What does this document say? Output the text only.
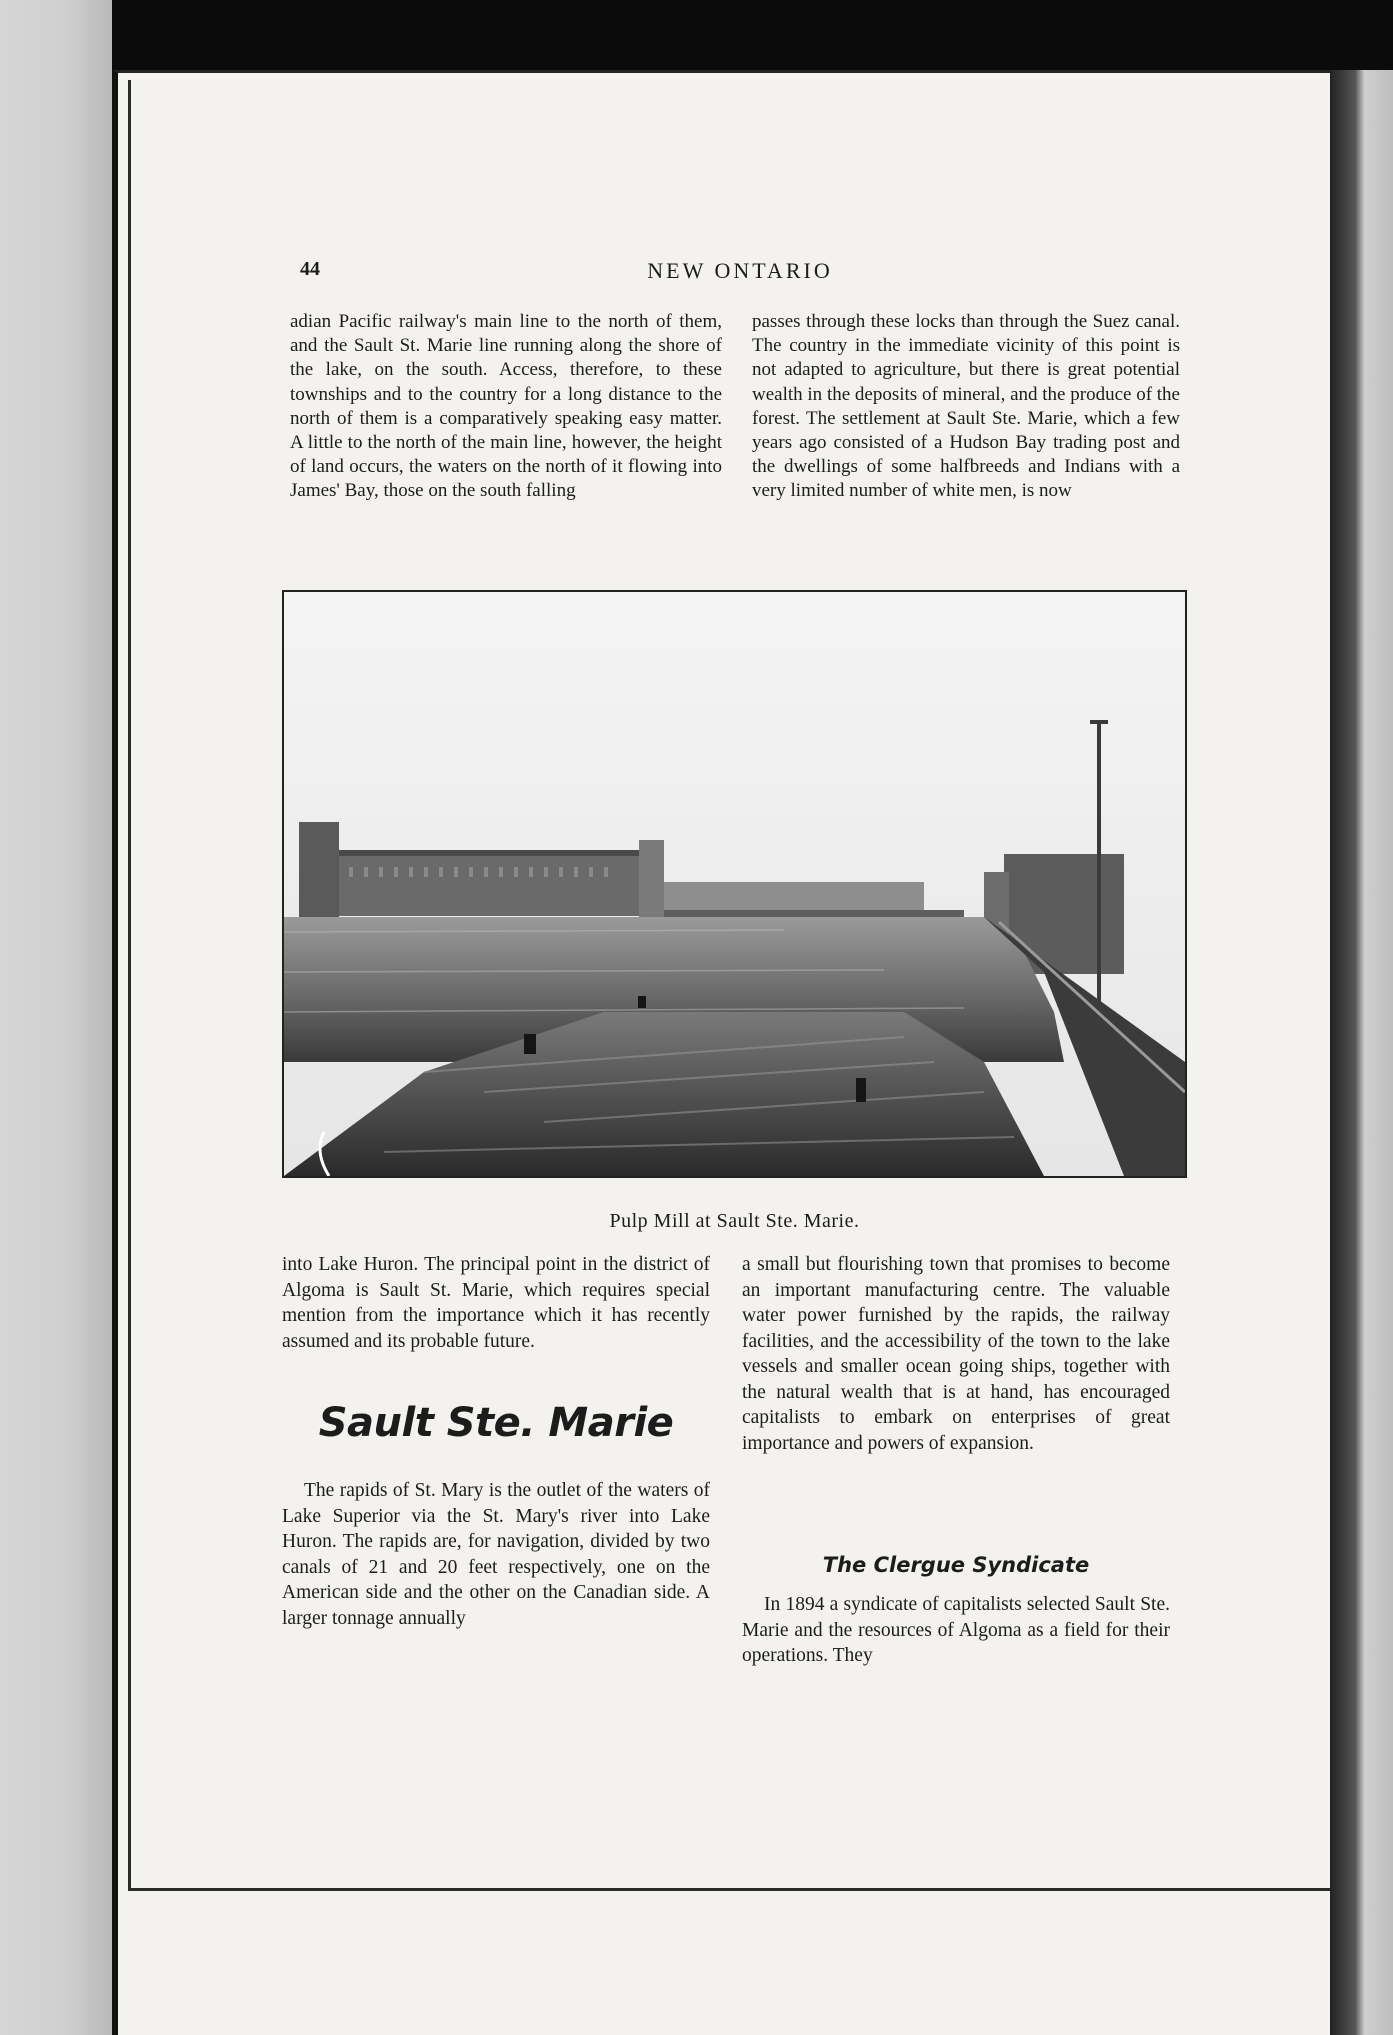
44	NEW ONTARIO

adian Pacific railway's main line to the north of them, and the Sault St. Marie line running along the shore of the lake, on the south. Access, therefore, to these townships and to the country for a long distance to the north of them is a comparatively speaking easy matter. A little to the north of the main line, however, the height of land occurs, the waters on the north of it flowing into James' Bay, those on the south falling

passes through these locks than through the Suez canal. The country in the immediate vicinity of this point is not adapted to agriculture, but there is great potential wealth in the deposits of mineral, and the produce of the forest. The settlement at Sault Ste. Marie, which a few years ago consisted of a Hudson Bay trading post and the dwellings of some halfbreeds and Indians with a very limited number of white men, is now

Pulp Mill at Sault Ste. Marie.

into Lake Huron. The principal point in the district of Algoma is Sault St. Marie, which requires special mention from the importance which it has recently assumed and its probable future.

a small but flourishing town that promises to become an important manufacturing centre. The valuable water power furnished by the rapids, the railway facilities, and the accessibility of the town to the lake vessels and smaller ocean going ships, together with the natural wealth that is at hand, has encouraged capitalists to embark on enterprises of great importance and powers of expansion.

Sault Ste. Marie

The rapids of St. Mary is the outlet of the waters of Lake Superior via the St. Mary's river into Lake Huron. The rapids are, for navigation, divided by two canals of 21 and 20 feet respectively, one on the American side and the other on the Canadian side. A larger tonnage annually

The Clergue Syndicate

In 1894 a syndicate of capitalists selected Sault Ste. Marie and the resources of Algoma as a field for their operations. They
